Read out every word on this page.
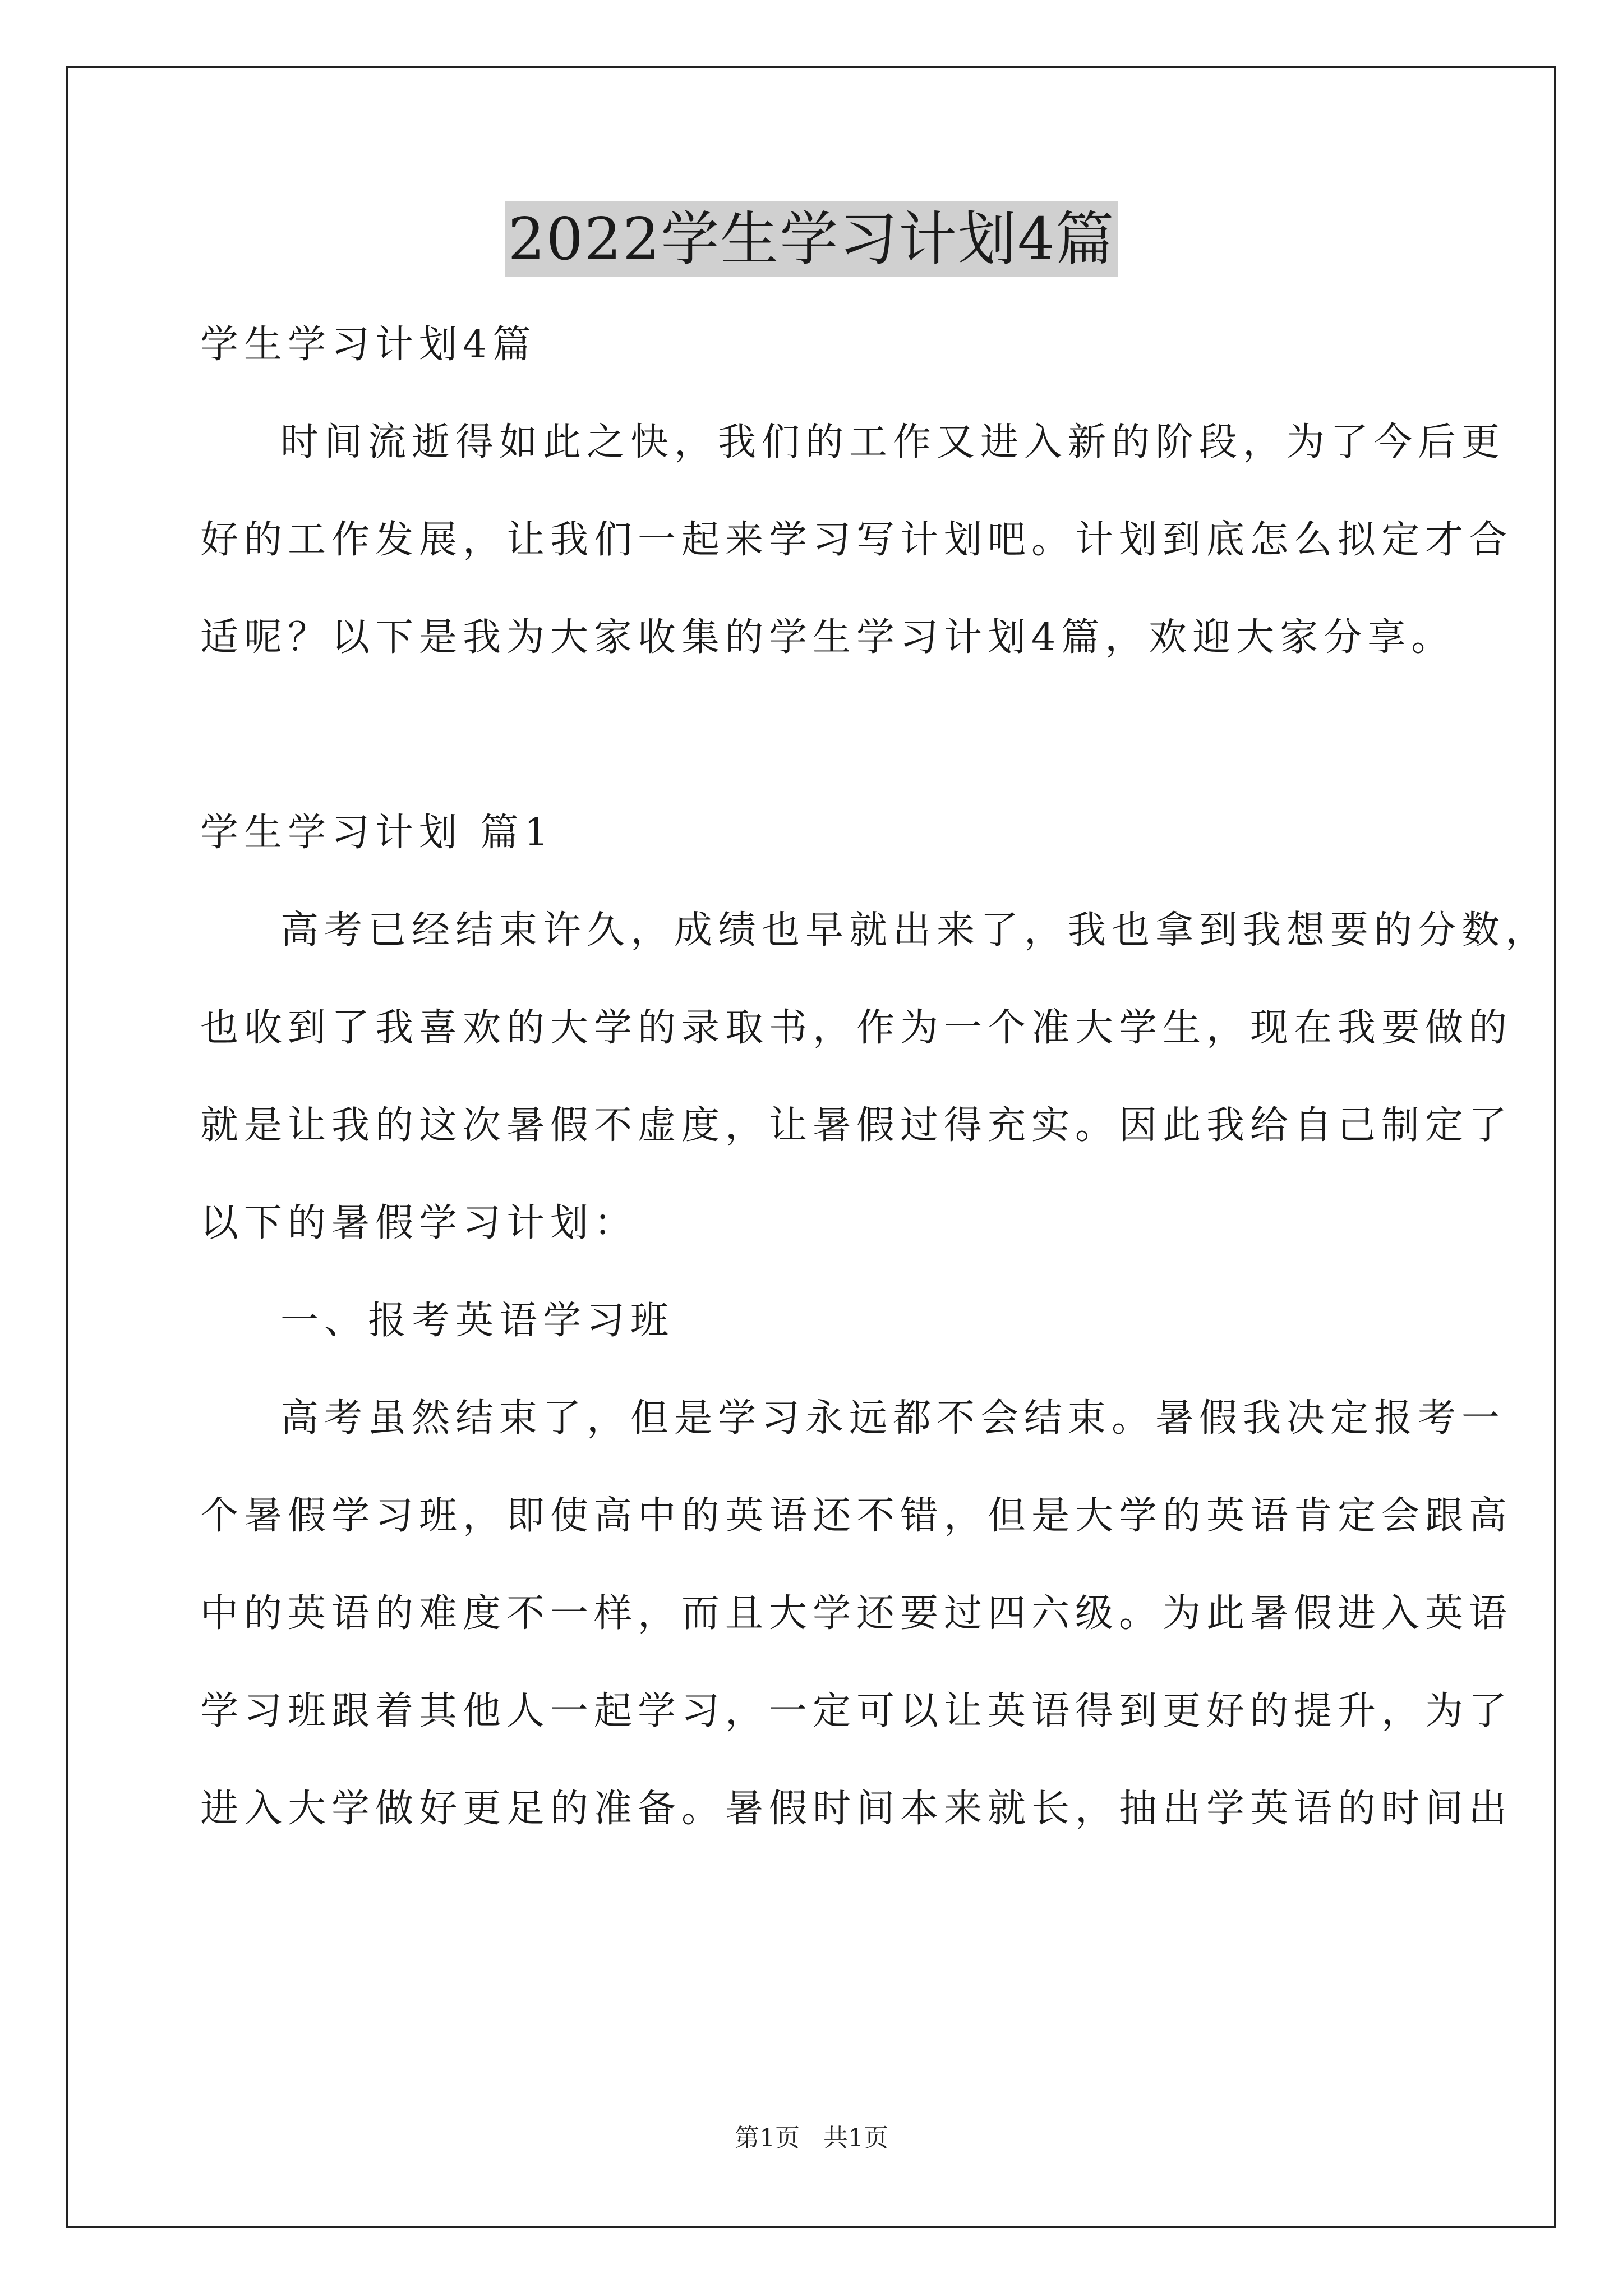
2022学生学习计划4篇
学生学习计划4篇
时间流逝得如此之快，我们的工作又进入新的阶段，为了今后更
好的工作发展，让我们一起来学习写计划吧。计划到底怎么拟定才合
适呢？以下是我为大家收集的学生学习计划4篇，欢迎大家分享。
学生学习计划 篇1
高考已经结束许久，成绩也早就出来了，我也拿到我想要的分数，
也收到了我喜欢的大学的录取书，作为一个准大学生，现在我要做的
就是让我的这次暑假不虚度，让暑假过得充实。因此我给自己制定了
以下的暑假学习计划：
一、报考英语学习班
高考虽然结束了，但是学习永远都不会结束。暑假我决定报考一
个暑假学习班，即使高中的英语还不错，但是大学的英语肯定会跟高
中的英语的难度不一样，而且大学还要过四六级。为此暑假进入英语
学习班跟着其他人一起学习，一定可以让英语得到更好的提升，为了
进入大学做好更足的准备。暑假时间本来就长，抽出学英语的时间出
第1页   共1页
